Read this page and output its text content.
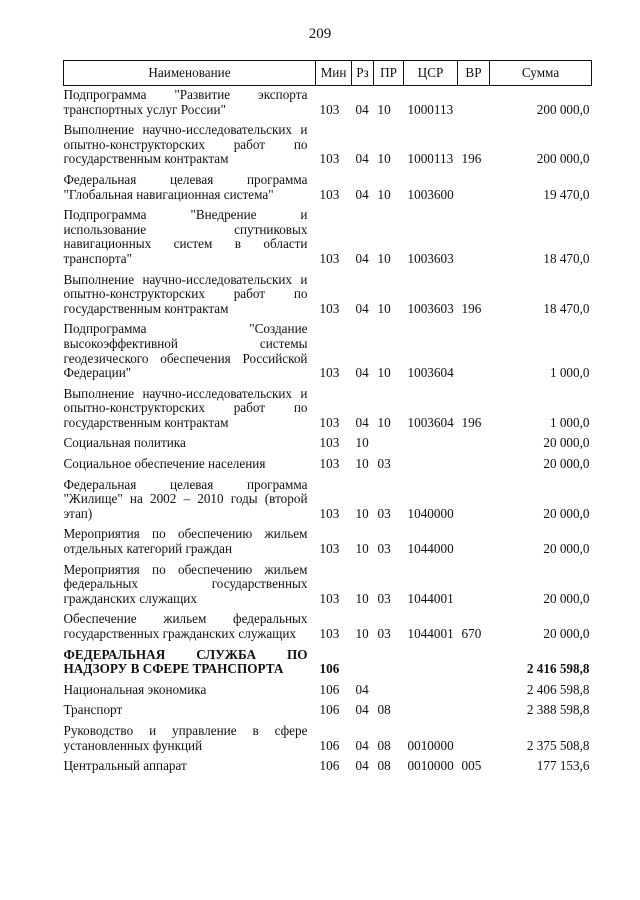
209
Наименование	Мин	Рз	ПР	ЦСР	ВР	Сумма

Подпрограмма "Развитие экспорта
транспортных услуг России"	103	04	10	1000113		200 000,0

Выполнение научно-исследовательских и
опытно-конструкторских работ по
государственным контрактам	103	04	10	1000113	196	200 000,0

Федеральная целевая программа
"Глобальная навигационная система"	103	04	10	1003600		19 470,0

Подпрограмма "Внедрение и
использование спутниковых
навигационных систем в области
транспорта"	103	04	10	1003603		18 470,0

Выполнение научно-исследовательских и
опытно-конструкторских работ по
государственным контрактам	103	04	10	1003603	196	18 470,0

Подпрограмма "Создание
высокоэффективной системы
геодезического обеспечения Российской
Федерации"	103	04	10	1003604		1 000,0

Выполнение научно-исследовательских и
опытно-конструкторских работ по
государственным контрактам	103	04	10	1003604	196	1 000,0

Социальная политика	103	10				20 000,0

Социальное обеспечение населения	103	10	03			20 000,0

Федеральная целевая программа
"Жилище" на 2002 – 2010 годы (второй
этап)	103	10	03	1040000		20 000,0

Мероприятия по обеспечению жильем
отдельных категорий граждан	103	10	03	1044000		20 000,0

Мероприятия по обеспечению жильем
федеральных государственных
гражданских служащих	103	10	03	1044001		20 000,0

Обеспечение жильем федеральных
государственных гражданских служащих	103	10	03	1044001	670	20 000,0

ФЕДЕРАЛЬНАЯ СЛУЖБА ПО
НАДЗОРУ В СФЕРЕ ТРАНСПОРТА	106					2 416 598,8

Национальная экономика	106	04				2 406 598,8

Транспорт	106	04	08			2 388 598,8

Руководство и управление в сфере
установленных функций	106	04	08	0010000		2 375 508,8

Центральный аппарат	106	04	08	0010000	005	177 153,6
